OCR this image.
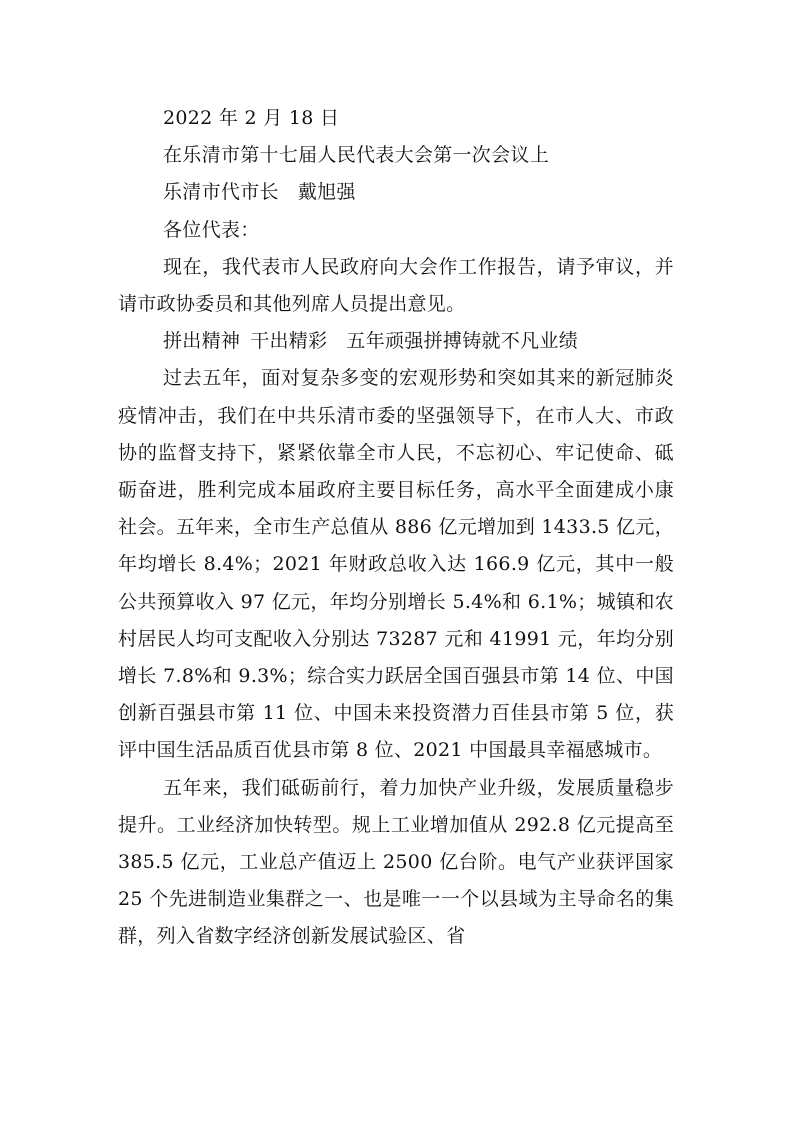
2022 年 2 月 18 日

在乐清市第十七届人民代表大会第一次会议上

乐清市代市长 戴旭强

各位代表：

现在，我代表市人民政府向大会作工作报告，请予审议，并请市政协委员和其他列席人员提出意见。

拼出精神 干出精彩 五年顽强拼搏铸就不凡业绩

过去五年，面对复杂多变的宏观形势和突如其来的新冠肺炎疫情冲击，我们在中共乐清市委的坚强领导下，在市人大、市政协的监督支持下，紧紧依靠全市人民，不忘初心、牢记使命、砥砺奋进，胜利完成本届政府主要目标任务，高水平全面建成小康社会。五年来，全市生产总值从 886 亿元增加到 1433.5 亿元，年均增长 8.4%；2021 年财政总收入达 166.9 亿元，其中一般公共预算收入 97 亿元，年均分别增长 5.4%和 6.1%；城镇和农村居民人均可支配收入分别达 73287 元和 41991 元，年均分别增长 7.8%和 9.3%；综合实力跃居全国百强县市第 14 位、中国创新百强县市第 11 位、中国未来投资潜力百佳县市第 5 位，获评中国生活品质百优县市第 8 位、2021 中国最具幸福感城市。

五年来，我们砥砺前行，着力加快产业升级，发展质量稳步提升。工业经济加快转型。规上工业增加值从 292.8 亿元提高至 385.5 亿元，工业总产值迈上 2500 亿台阶。电气产业获评国家 25 个先进制造业集群之一、也是唯一一个以县域为主导命名的集群，列入省数字经济创新发展试验区、省
